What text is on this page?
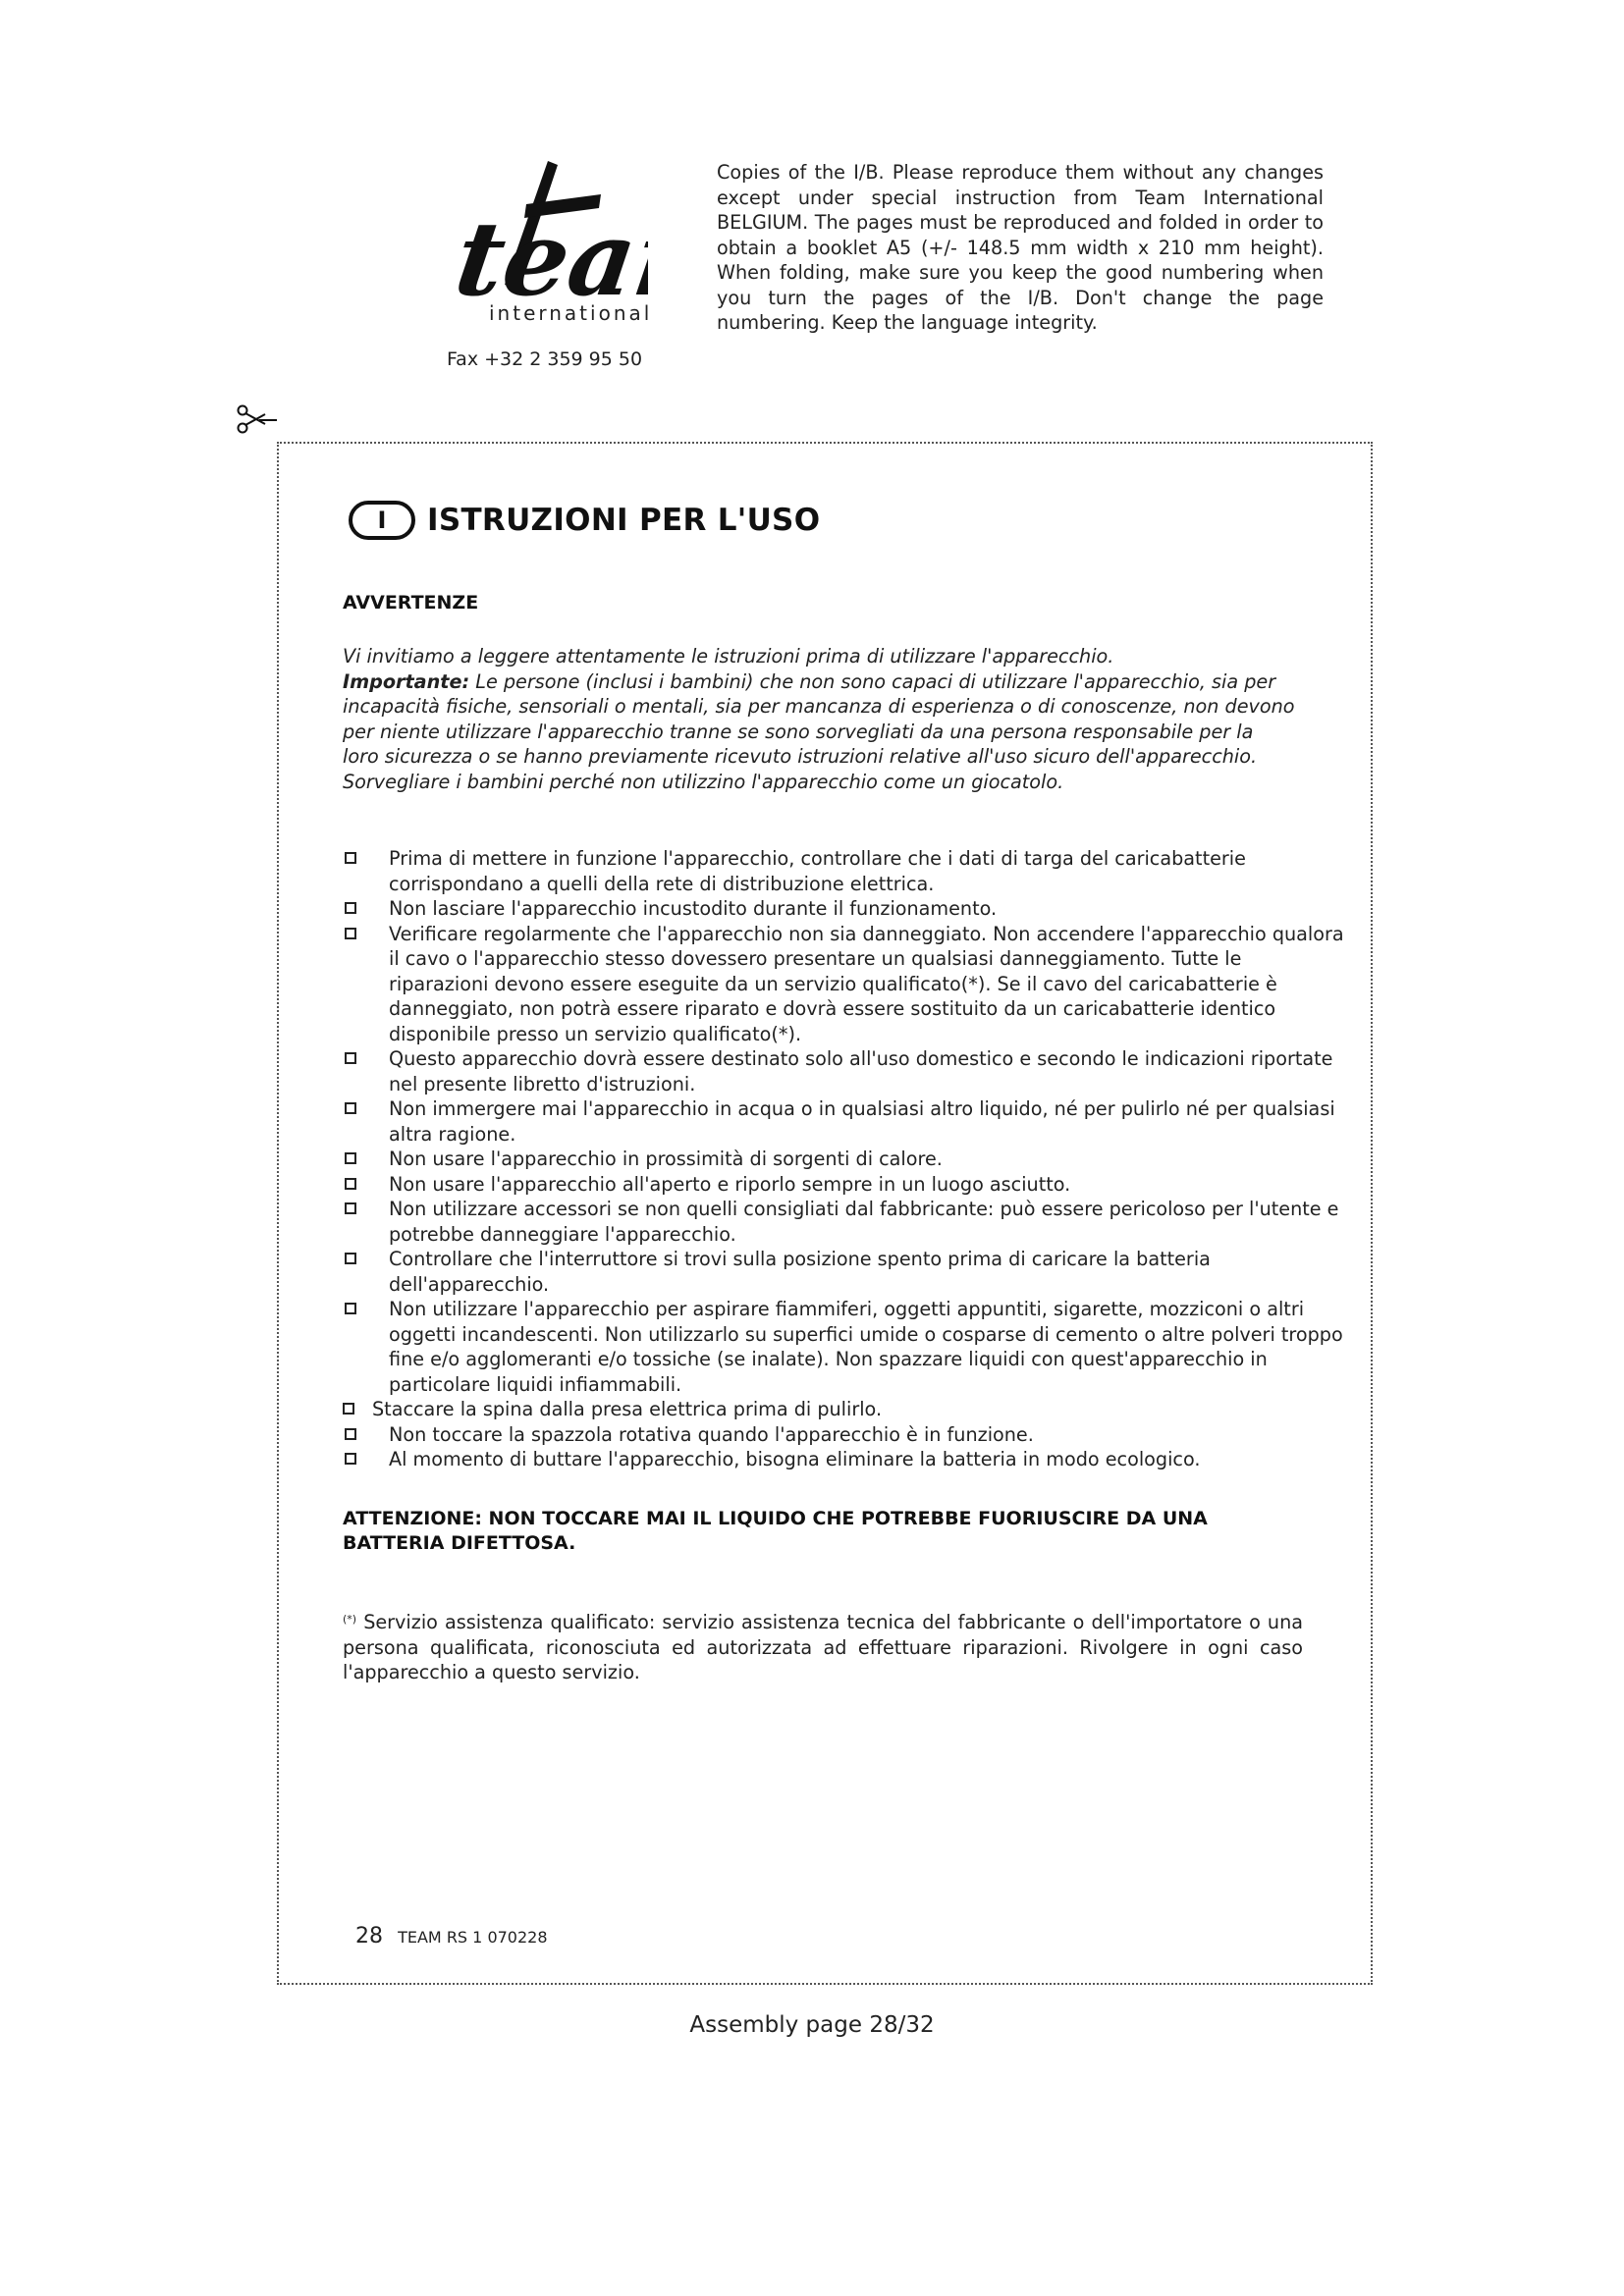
team
international
Fax +32 2 359 95 50
Copies of the I/B. Please reproduce them without any changes except under special instruction from Team International BELGIUM. The pages must be reproduced and folded in order to obtain a booklet A5 (+/- 148.5 mm width x 210 mm height). When folding, make sure you keep the good numbering when you turn the pages of the I/B. Don't change the page numbering. Keep the language integrity.
I	ISTRUZIONI PER L'USO
AVVERTENZE
Vi invitiamo a leggere attentamente le istruzioni prima di utilizzare l'apparecchio.
Importante: Le persone (inclusi i bambini) che non sono capaci di utilizzare l'apparecchio, sia per incapacità fisiche, sensoriali o mentali, sia per mancanza di esperienza o di conoscenze, non devono per niente utilizzare l'apparecchio tranne se sono sorvegliati da una persona responsabile per la loro sicurezza o se hanno previamente ricevuto istruzioni relative all'uso sicuro dell'apparecchio.
Sorvegliare i bambini perché non utilizzino l'apparecchio come un giocatolo.
Prima di mettere in funzione l'apparecchio, controllare che i dati di targa del caricabatterie corrispondano a quelli della rete di distribuzione elettrica.
Non lasciare l'apparecchio incustodito durante il funzionamento.
Verificare regolarmente che l'apparecchio non sia danneggiato. Non accendere l'apparecchio qualora il cavo o l'apparecchio stesso dovessero presentare un qualsiasi danneggiamento. Tutte le riparazioni devono essere eseguite da un servizio qualificato(*). Se il cavo del caricabatterie è danneggiato, non potrà essere riparato e dovrà essere sostituito da un caricabatterie identico disponibile presso un servizio qualificato(*).
Questo apparecchio dovrà essere destinato solo all'uso domestico e secondo le indicazioni riportate nel presente libretto d'istruzioni.
Non immergere mai l'apparecchio in acqua o in qualsiasi altro liquido, né per pulirlo né per qualsiasi altra ragione.
Non usare l'apparecchio in prossimità di sorgenti di calore.
Non usare l'apparecchio all'aperto e riporlo sempre in un luogo asciutto.
Non utilizzare accessori se non quelli consigliati dal fabbricante: può essere pericoloso per l'utente e potrebbe danneggiare l'apparecchio.
Controllare che l'interruttore si trovi sulla posizione spento prima di caricare la batteria dell'apparecchio.
Non utilizzare l'apparecchio per aspirare fiammiferi, oggetti appuntiti, sigarette, mozziconi o altri oggetti incandescenti. Non utilizzarlo su superfici umide o cosparse di cemento o altre polveri troppo fine e/o agglomeranti e/o tossiche (se inalate). Non spazzare liquidi con quest'apparecchio in particolare liquidi infiammabili.
Staccare la spina dalla presa elettrica prima di pulirlo.
Non toccare la spazzola rotativa quando l'apparecchio è in funzione.
Al momento di buttare l'apparecchio, bisogna eliminare la batteria in modo ecologico.
ATTENZIONE: NON TOCCARE MAI IL LIQUIDO CHE POTREBBE FUORIUSCIRE DA UNA BATTERIA DIFETTOSA.
(*) Servizio assistenza qualificato: servizio assistenza tecnica del fabbricante o dell'importatore o una persona qualificata, riconosciuta ed autorizzata ad effettuare riparazioni. Rivolgere in ogni caso l'apparecchio a questo servizio.
28 TEAM RS 1 070228
Assembly page 28/32
